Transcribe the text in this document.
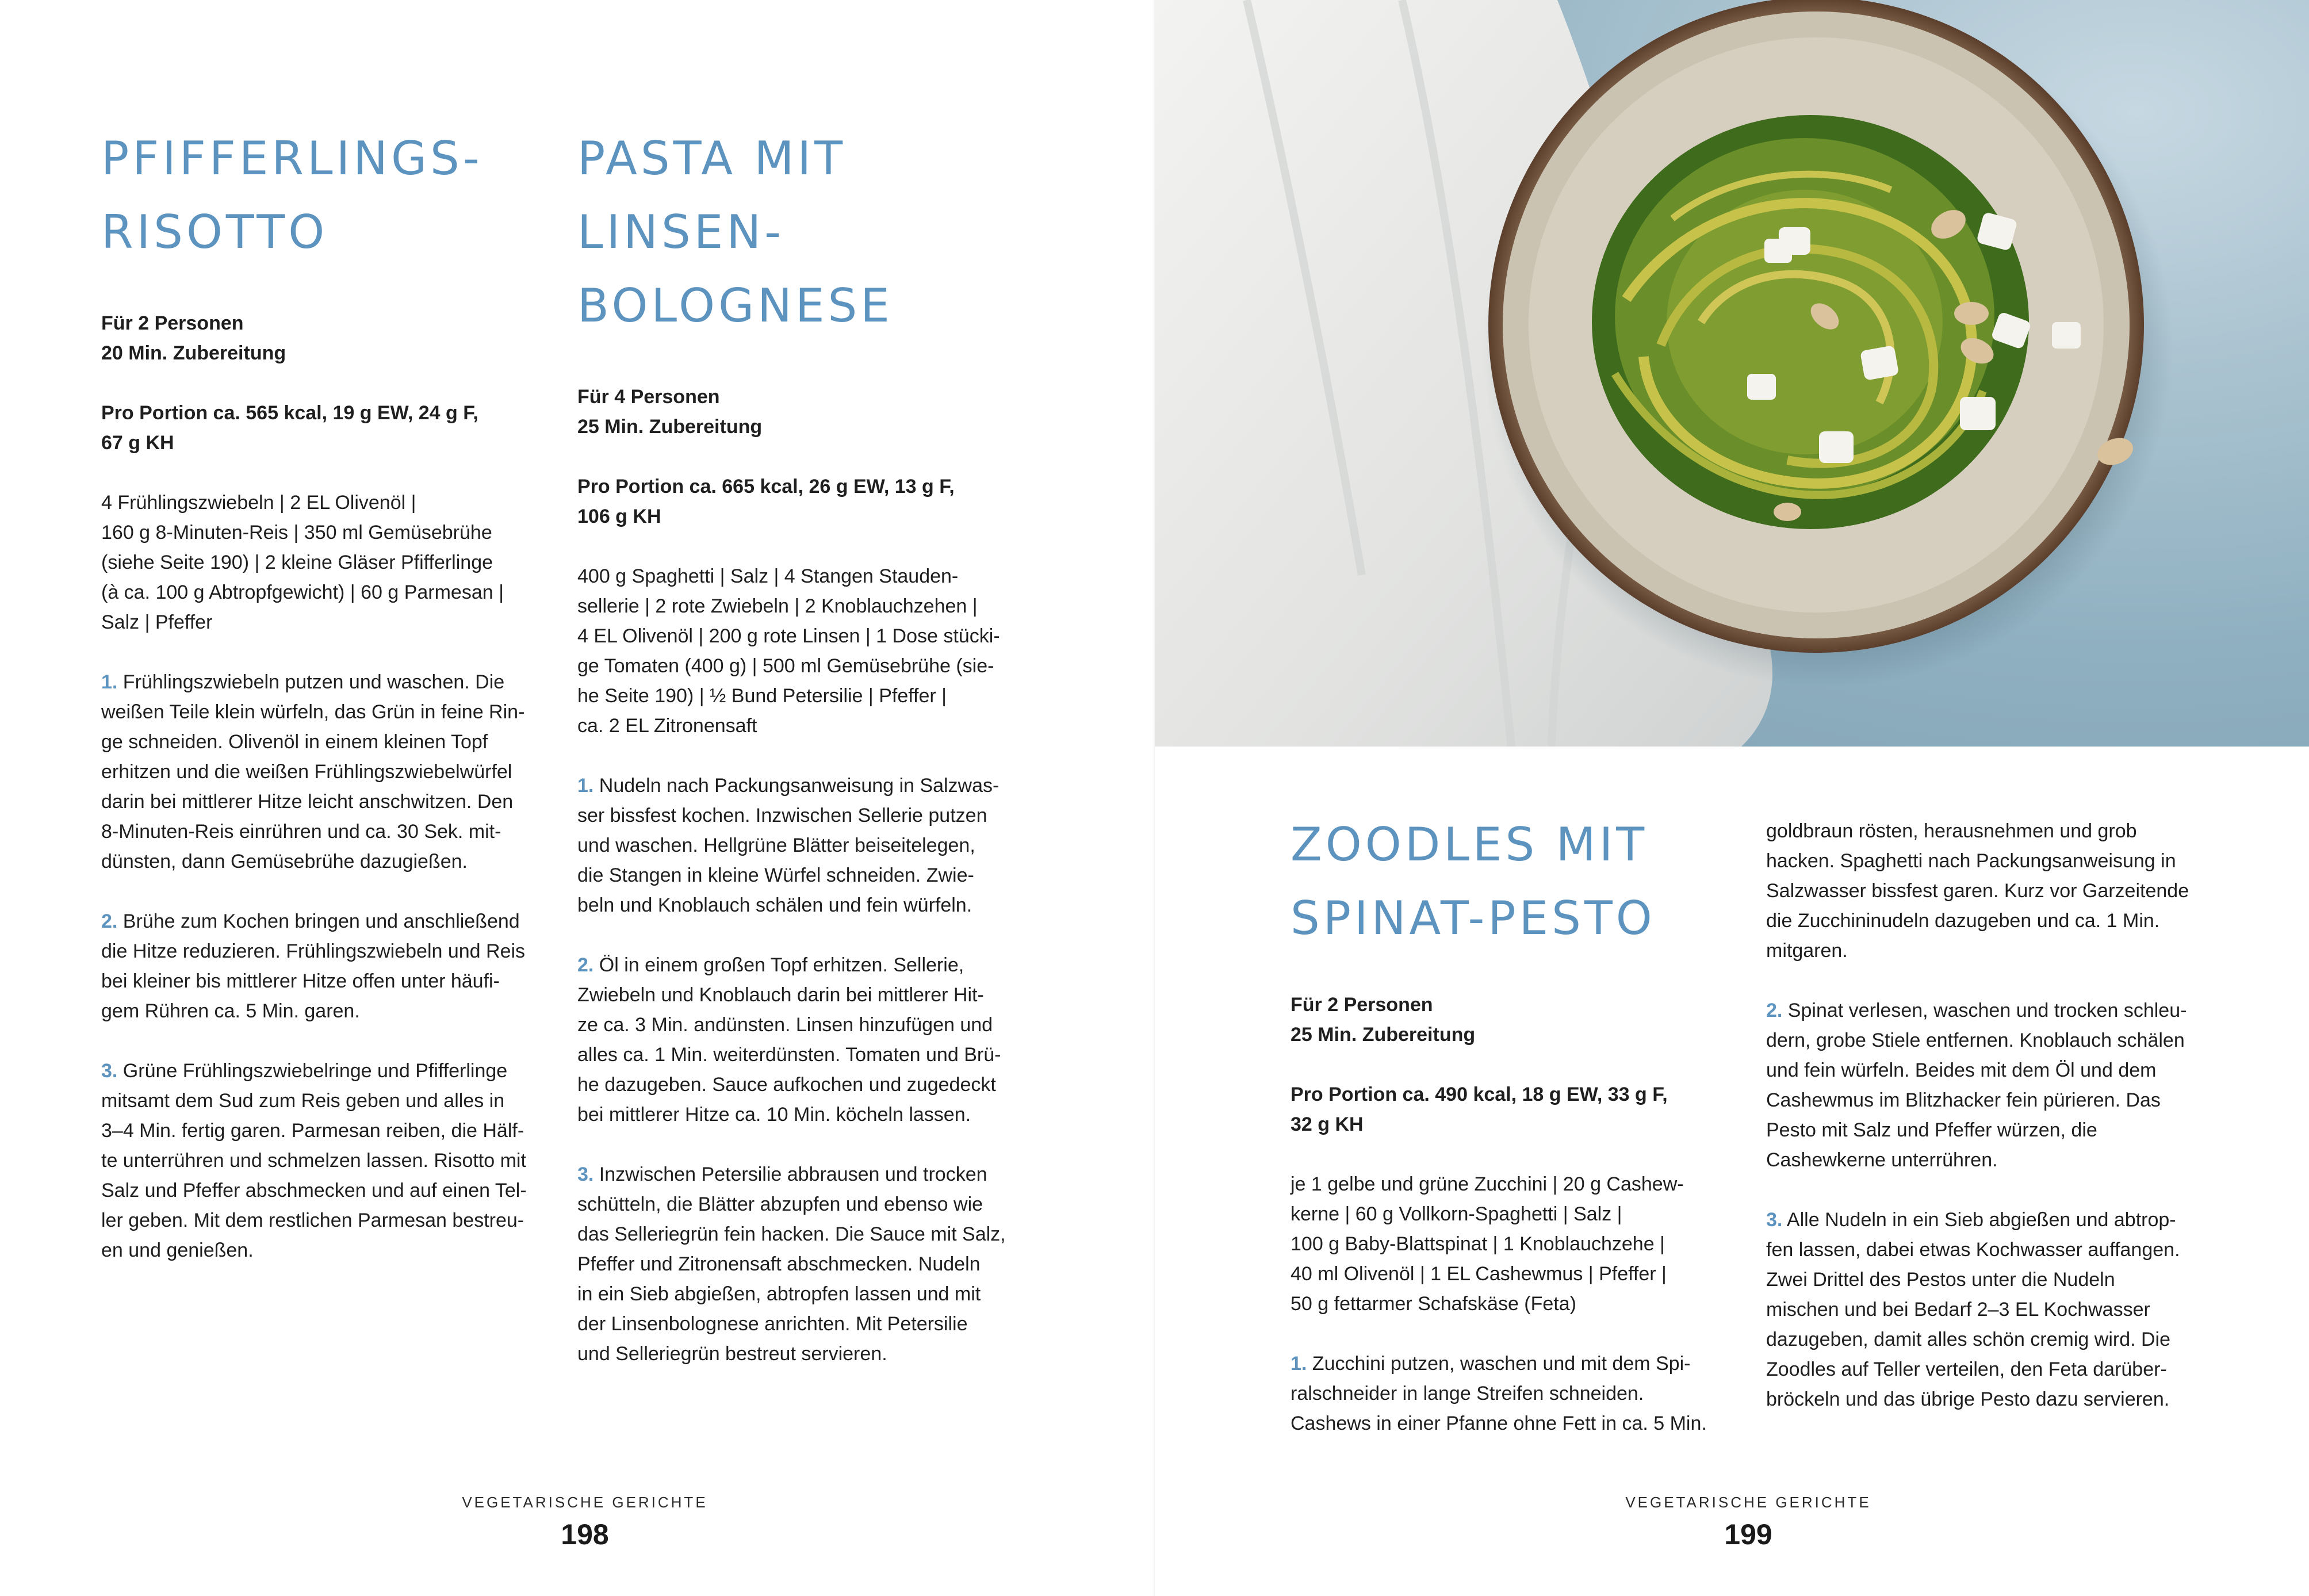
PFIFFERLINGS-
RISOTTO

Für 2 Personen

20 Min. Zubereitung

Pro Portion ca. 565 kcal, 19 g EW, 24 g F,

67 g KH

4 Frühlingszwiebeln | 2 EL Olivenöl |
160 g 8-Minuten-Reis | 350 ml Gemüsebrühe
(siehe Seite 190) | 2 kleine Gläser Pfifferlinge
(à ca. 100 g Abtropfgewicht) | 60 g Parmesan |
Salz | Pfeffer

1. Frühlingszwiebeln putzen und waschen. Die
weißen Teile klein würfeln, das Grün in feine Rin-
ge schneiden. Olivenöl in einem kleinen Topf
erhitzen und die weißen Frühlingszwiebelwürfel
darin bei mittlerer Hitze leicht anschwitzen. Den
8-Minuten-Reis einrühren und ca. 30 Sek. mit-
dünsten, dann Gemüsebrühe dazugießen.

2. Brühe zum Kochen bringen und anschließend
die Hitze reduzieren. Frühlingszwiebeln und Reis
bei kleiner bis mittlerer Hitze offen unter häufi-
gem Rühren ca. 5 Min. garen.

3. Grüne Frühlingszwiebelringe und Pfifferlinge
mitsamt dem Sud zum Reis geben und alles in
3–4 Min. fertig garen. Parmesan reiben, die Hälf-
te unterrühren und schmelzen lassen. Risotto mit
Salz und Pfeffer abschmecken und auf einen Tel-
ler geben. Mit dem restlichen Parmesan bestreu-
en und genießen.

PASTA MIT LINSEN-
BOLOGNESE

Für 4 Personen

25 Min. Zubereitung

Pro Portion ca. 665 kcal, 26 g EW, 13 g F,

106 g KH

400 g Spaghetti | Salz | 4 Stangen Stauden-
sellerie | 2 rote Zwiebeln | 2 Knoblauchzehen |
4 EL Olivenöl | 200 g rote Linsen | 1 Dose stücki-
ge Tomaten (400 g) | 500 ml Gemüsebrühe (sie-
he Seite 190) | ½ Bund Petersilie | Pfeffer |
ca. 2 EL Zitronensaft

1. Nudeln nach Packungsanweisung in Salzwas-
ser bissfest kochen. Inzwischen Sellerie putzen
und waschen. Hellgrüne Blätter beiseitelegen,
die Stangen in kleine Würfel schneiden. Zwie-
beln und Knoblauch schälen und fein würfeln.

2. Öl in einem großen Topf erhitzen. Sellerie,
Zwiebeln und Knoblauch darin bei mittlerer Hit-
ze ca. 3 Min. andünsten. Linsen hinzufügen und
alles ca. 1 Min. weiterdünsten. Tomaten und Brü-
he dazugeben. Sauce aufkochen und zugedeckt
bei mittlerer Hitze ca. 10 Min. köcheln lassen.

3. Inzwischen Petersilie abbrausen und trocken
schütteln, die Blätter abzupfen und ebenso wie
das Selleriegrün fein hacken. Die Sauce mit Salz,
Pfeffer und Zitronensaft abschmecken. Nudeln
in ein Sieb abgießen, abtropfen lassen und mit
der Linsenbolognese anrichten. Mit Petersilie
und Selleriegrün bestreut servieren.

VEGETARISCHE GERICHTE
198
ZOODLES MIT
SPINAT-PESTO

Für 2 Personen

25 Min. Zubereitung

Pro Portion ca. 490 kcal, 18 g EW, 33 g F,

32 g KH

je 1 gelbe und grüne Zucchini | 20 g Cashew-
kerne | 60 g Vollkorn-Spaghetti | Salz |
100 g Baby-Blattspinat | 1 Knoblauchzehe |
40 ml Olivenöl | 1 EL Cashewmus | Pfeffer |
50 g fettarmer Schafskäse (Feta)

1. Zucchini putzen, waschen und mit dem Spi-
ralschneider in lange Streifen schneiden.
Cashews in einer Pfanne ohne Fett in ca. 5 Min.

goldbraun rösten, herausnehmen und grob
hacken. Spaghetti nach Packungsanweisung in
Salzwasser bissfest garen. Kurz vor Garzeitende
die Zucchininudeln dazugeben und ca. 1 Min.
mitgaren.

2. Spinat verlesen, waschen und trocken schleu-
dern, grobe Stiele entfernen. Knoblauch schälen
und fein würfeln. Beides mit dem Öl und dem
Cashewmus im Blitzhacker fein pürieren. Das
Pesto mit Salz und Pfeffer würzen, die
Cashewkerne unterrühren.

3. Alle Nudeln in ein Sieb abgießen und abtrop-
fen lassen, dabei etwas Kochwasser auffangen.
Zwei Drittel des Pestos unter die Nudeln
mischen und bei Bedarf 2–3 EL Kochwasser
dazugeben, damit alles schön cremig wird. Die
Zoodles auf Teller verteilen, den Feta darüber-
bröckeln und das übrige Pesto dazu servieren.

VEGETARISCHE GERICHTE
199
